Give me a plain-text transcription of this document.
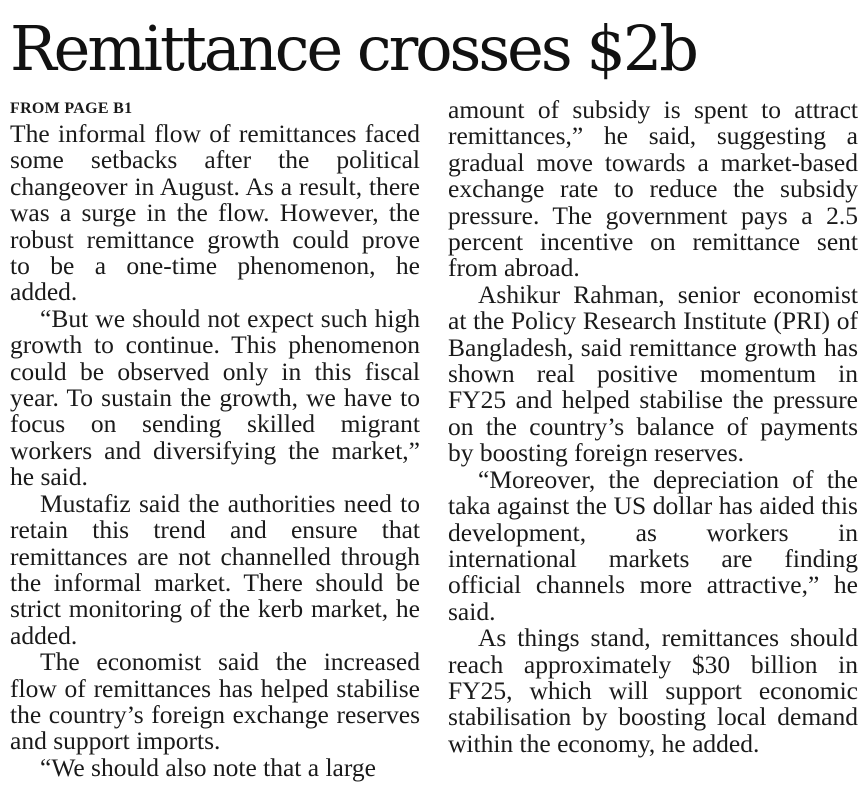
Remittance crosses $2b
FROM PAGE B1

The informal flow of remittances faced some setbacks after the political changeover in August. As a result, there was a surge in the flow. However, the robust remittance growth could prove to be a one-time phenomenon, he added.

“But we should not expect such high growth to continue. This phenomenon could be observed only in this fiscal year. To sustain the growth, we have to focus on sending skilled migrant workers and diversifying the market,” he said.

Mustafiz said the authorities need to retain this trend and ensure that remittances are not channelled through the informal market. There should be strict monitoring of the kerb market, he added.

The economist said the increased flow of remittances has helped stabilise the country’s foreign exchange reserves and support imports.

“We should also note that a large

amount of subsidy is spent to attract remittances,” he said, suggesting a gradual move towards a market-based exchange rate to reduce the subsidy pressure. The government pays a 2.5 percent incentive on remittance sent from abroad.

Ashikur Rahman, senior economist at the Policy Research Institute (PRI) of Bangladesh, said remittance growth has shown real positive momentum in FY25 and helped stabilise the pressure on the country’s balance of payments by boosting foreign reserves.

“Moreover, the depreciation of the taka against the US dollar has aided this development, as workers in international markets are finding official channels more attractive,” he said.

As things stand, remittances should reach approximately $30 billion in FY25, which will support economic stabilisation by boosting local demand within the economy, he added.
